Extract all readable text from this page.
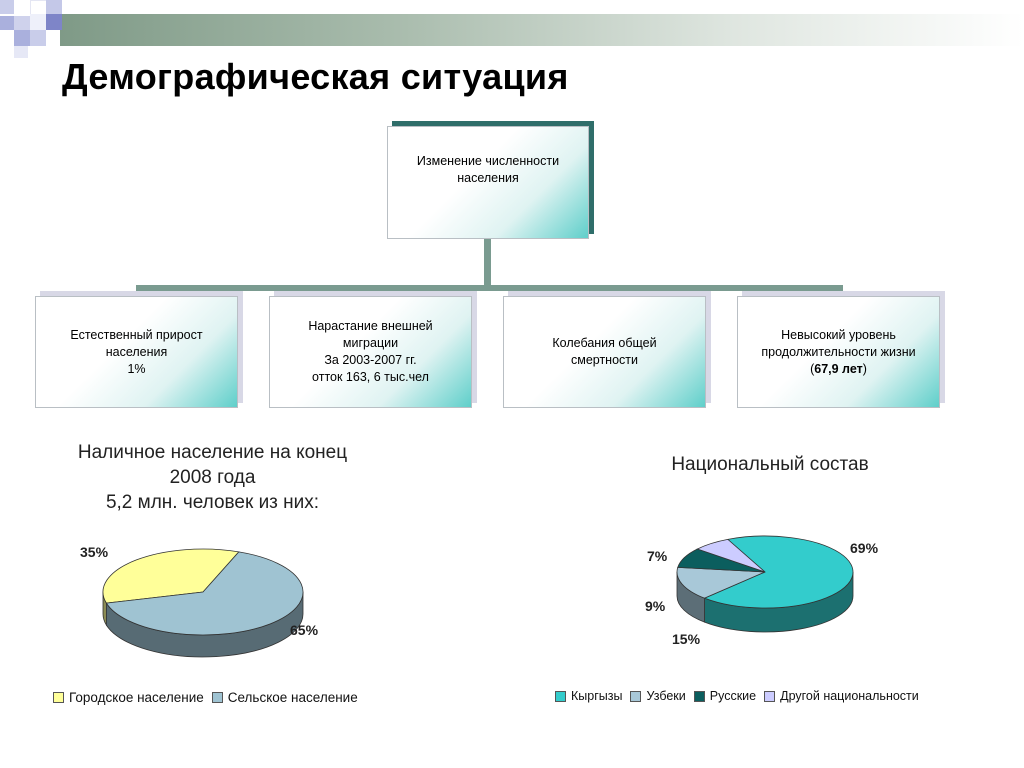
Демографическая ситуация
Изменение численности
населения
Естественный прирост
населения
1%
Нарастание внешней
миграции
За 2003-2007 гг.
отток 163, 6 тыс.чел
Колебания общей
смертности
Невысокий уровень
продолжительности жизни
(67,9 лет)
Наличное население на конец
2008 года
5,2 млн. человек из них:
Национальный состав
35%
65%
69%
15%
9%
7%
Городское население Сельское население	Кыргызы Узбеки Русские Другой национальности
